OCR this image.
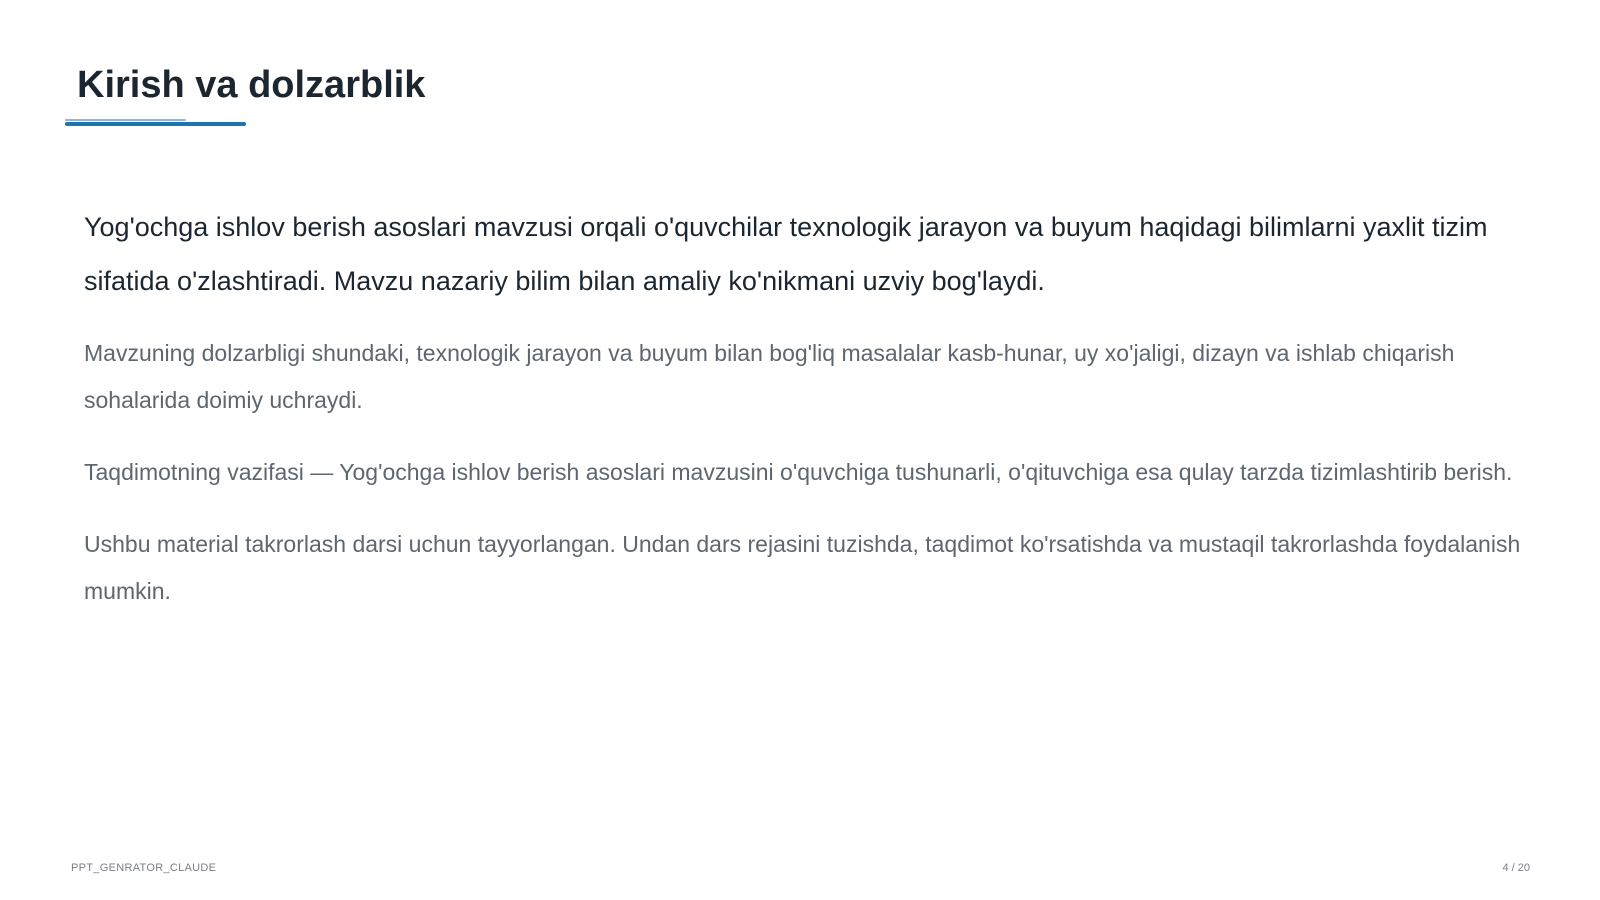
Kirish va dolzarblik

Yog'ochga ishlov berish asoslari mavzusi orqali o'quvchilar texnologik jarayon va buyum haqidagi bilimlarni yaxlit tizim sifatida o'zlashtiradi. Mavzu nazariy bilim bilan amaliy ko'nikmani uzviy bog'laydi.

Mavzuning dolzarbligi shundaki, texnologik jarayon va buyum bilan bog'liq masalalar kasb-hunar, uy xo'jaligi, dizayn va ishlab chiqarish sohalarida doimiy uchraydi.

Taqdimotning vazifasi — Yog'ochga ishlov berish asoslari mavzusini o'quvchiga tushunarli, o'qituvchiga esa qulay tarzda tizimlashtirib berish.

Ushbu material takrorlash darsi uchun tayyorlangan. Undan dars rejasini tuzishda, taqdimot ko'rsatishda va mustaqil takrorlashda foydalanish mumkin.

PPT_GENRATOR_CLAUDE	4 / 20
